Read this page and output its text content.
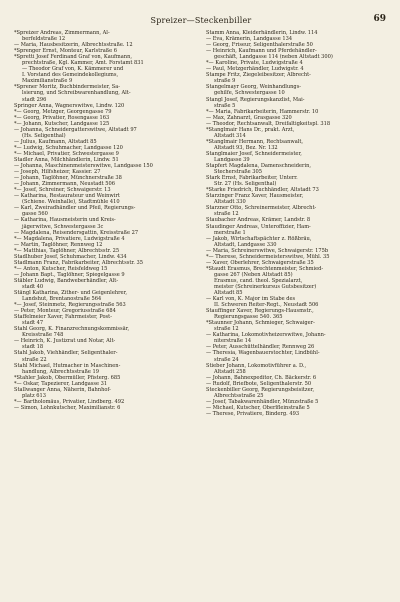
Spreizer—Steckenbiller	69
*Spreizer Andreas, Zimmermann, Al-
berfeldstraße 12
— Maria, Hausbesitzerin, Albrechtsstraße. 12
*Sprenger Ernst, Monteur, Karlstraße 6
*Spretti Josef Ferdinand Graf von, Kaufmann,
prechtstraße, Kgl. Kammer, Amt. Forstamt 831
— Theodor Graf von, K. Kämmerer und
I. Vorstand des Gemeindekollegiums,
Maximilianstraße 9
*Sprener Moritz, Buchbindermeister, Sa-
lsierung, und Schreibwarenhandlung, Alt-
stadt 296
Springer Anna, Wagnerswitwe, Lindw. 120
*— Georg, Metzger, Georgengasse 79
*— Georg, Privatier, Rosengasse 163
*— Johann, Kutscher, Landgasse 125
— Johanna, Schneidergatterswitwe, Altstadt 97
(Hs. Seligenthal)
— Julius, Kaufmann, Altstadt 85
*— Ludwig, Schuhmacher, Landgasse 120
*— Michael, Privatier, Schwestergasse 9
Stadler Anna, Milchhändlerin, Lindw. 51
— Johanna, Maschinenmeisterswitwe, Landgasse 150
— Joseph, Hilfsheizer, Kassier. 27
— Johann, Taglöhner, Münchnerstraße 38
— Johann, Zimmermann, Neustadt 506
*— Josef, Schreiner, Schwaigerstr. 13
— Katharina, Restaurateur und Weinwirt
(Schiene. Weinhalle), Stadtmühle 410
— Karl, Zweiradhändler und Pfeil, Regierungs-
gasse 560
— Katharina, Hausmeisterin und Kreis-
jägerwitwe, Schwestergasse 3c
— Magdalena, Reisendersgattin, Kreisstraße 27
*— Magdalena, Privatiere, Ludwigstraße 4
— Martin, Taglöhner, Rennweg 12
*— Matthias, Taglöhner, Albrechtsstr. 25
Stadlhuber Josef, Schuhmacher, Lindw. 434
Stadlmann Franz, Fabrikarbeiter, Albrechtsstr. 35
*— Anton, Kutscher, Reisfeldweg 15
— Johann Bapt., Taglöhner, Spiegelgasse 9
Stäbler Ludwig, Bandweberhändler, Alt-
stadt 40
Stängl Katharina, Zither- und Geigenlehrer,
Landshut, Brentanostraße 564
*— Josef, Steinmetz, Regierungsstraße 563
— Peter, Monteur, Gregoriusstraße 684
Staffelmeier Xaver, Fahrmeister, Post-
stadt 47
Stahl Georg, K. Finanzrechnungskommissär,
Kreisstraße 748
— Heinrich, K. Justizrat und Notar, Alt-
stadt 18
Stahl Jakob, Viehhändler, Seligenthaler-
straße 22
Stahl Michael, Hutmacher in Maschinen-
handlung, Albrechtsstraße 19
*Stahler Jakob, Obermüller, Pfisterg. 685
*— Oskar, Tapezierer, Landgasse 31
Stallwanger Anna, Näherin, Bahnhof-
platz 613
*— Bartholomäus, Privatier, Lindberg. 492
— Simon, Lohnkutscher, Maximilianstr. 6
Stamm Anna, Kleiderhändlerin, Lindw. 114
— Eva, Krämerin, Landgasse 134
— Georg, Friseur, Seligenthalerstraße 50
— Heinrich, Kaufmann und Pferdehändler-
geschäft, Landgasse 114 (neben Altstadt 300)
*— Karoline, Private, Ludwigstraße 4
— Paul, Metzgerhändler, Ludwigstr. 4
Stampe Fritz, Ziegeleibesitzer, Albrecht-
straße 9
Stangelmayr Georg, Weinhandlungs-
gehilfe, Schwestergasse 10
Stangl Josef, Regierungskanzlist, Mai-
straße 5
*— Maria, Fabrikarbeiterin, Hammerstr. 10
— Max, Zahnarzt, Grasgasse 320
— Theodor, Rechtsanwalt, Dreifaltigkeitspl. 318
*Stanglmair Hans Dr., prakt. Arzt,
Altstadt 314
*Stanglmair Hermann, Rechtsanwalt,
Altstadt 93, Bez. Nr. 132
Stanglmaier Josef, Schneidermeister,
Landgasse 39
Stapfert Magdalena, Damenschneiderin,
Stecherstraße 305
Stark Ernst, Fabrikarbeiter, Unterr.
Str. 27 (Hs. Seligenthal)
*Starke Friedrich, Buchhändler, Altstadt 73
Starzinger Franz Xaver, Hausmeister,
Altstadt 330
Starzner Otto, Schreinermeister, Albrecht-
straße 12
Staubacher Andreas, Krämer, Landstr. 8
Staudinger Andreas, Unteroffizier, Ham-
merstraße 1
— Jakob, Wirtschaftspächter z. Rößbräu,
Altstadt, Landgasse 330
— Maria, Schreinerswitwe, Schwaigerstr. 175b
*— Therese, Schneidermeisterswitwe, Mühl. 35
— Xaver, Oberlehrer, Schwaigerstraße 35
*Staudt Erasmus, Brechtenmeister, Schmied-
gasse 267 (Neben Altstadt 85)
Erasmus, cand. theol. Spezialarzt,
meister (Schreinerkursus Gutsbesitzer)
Altstadt 85
— Karl von, K. Major im Stabe des
II. Schweren Reiter-Regt., Neustadt 506
Stauffinger Xaver, Regierungs-Hausmstr.,
Regierungsgasse 540. 365
*Staunner Johann, Schmieger, Schwaiger-
straße 12
— Katharina, Lokomotivheizerswitwe, Johann-
niterstraße 14
— Peter, Ausschüttelhändler, Rennweg 26
— Theresia, Wagenbauerstochter, Lindbühl-
straße 24
Stieber Johann, Lokomotivführer a. D.,
Altstadt 258
— Johann, Bahnexpeditor, Ch. Bäckerstr. 6
— Rudolf, Briefbote, Seligenthalerstr. 50
Steckenbiller Georg, Regierungsbeisitzer,
Albrechtsstraße 25
— Josef, Tabakwarenhändler, Münzstraße 5
— Michael, Kutscher, Oberlfleinstraße 5
— Therese, Privatiere, Binderg. 493
